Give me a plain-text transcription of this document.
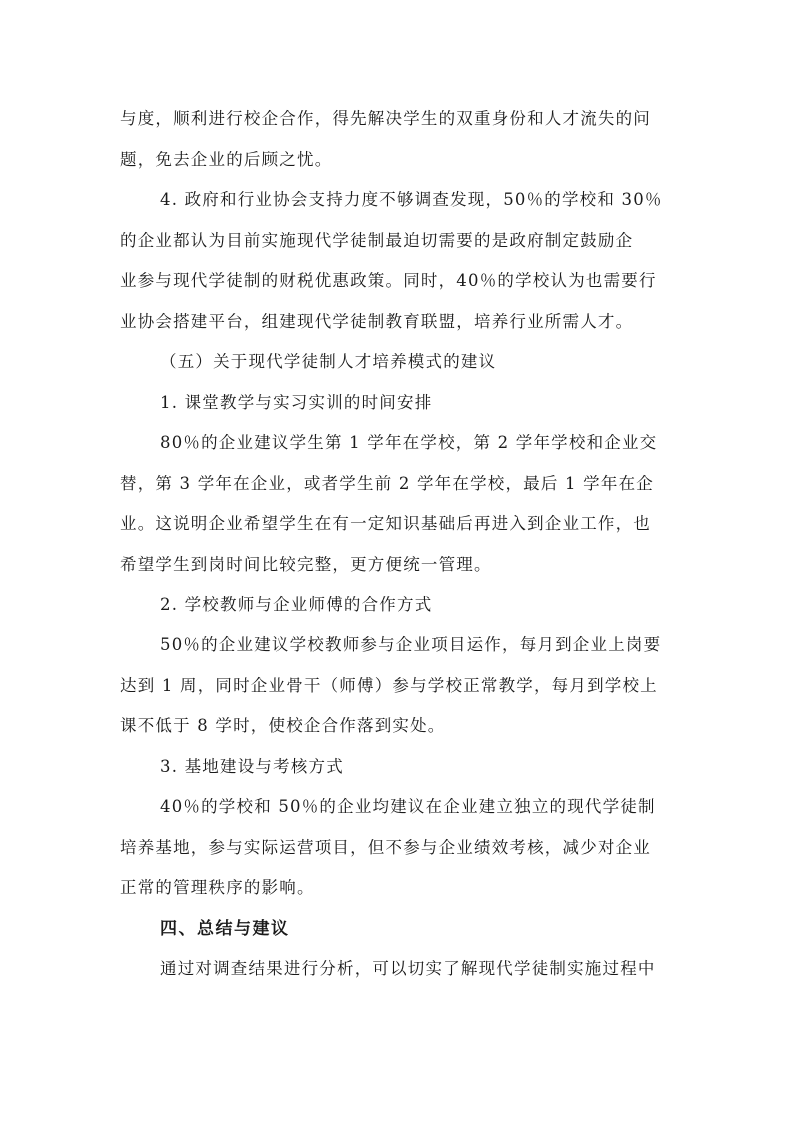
与度，顺利进行校企合作，得先解决学生的双重身份和人才流失的问
题，免去企业的后顾之忧。

4. 政府和行业协会支持力度不够调查发现，50％的学校和 30％
的企业都认为目前实施现代学徒制最迫切需要的是政府制定鼓励企
业参与现代学徒制的财税优惠政策。同时，40％的学校认为也需要行
业协会搭建平台，组建现代学徒制教育联盟，培养行业所需人才。

（五）关于现代学徒制人才培养模式的建议

1. 课堂教学与实习实训的时间安排

80％的企业建议学生第 1 学年在学校，第 2 学年学校和企业交
替，第 3 学年在企业，或者学生前 2 学年在学校，最后 1 学年在企
业。这说明企业希望学生在有一定知识基础后再进入到企业工作，也
希望学生到岗时间比较完整，更方便统一管理。

2. 学校教师与企业师傅的合作方式

50％的企业建议学校教师参与企业项目运作，每月到企业上岗要
达到 1 周，同时企业骨干（师傅）参与学校正常教学，每月到学校上
课不低于 8 学时，使校企合作落到实处。

3. 基地建设与考核方式

40％的学校和 50％的企业均建议在企业建立独立的现代学徒制
培养基地，参与实际运营项目，但不参与企业绩效考核，减少对企业
正常的管理秩序的影响。

四、总结与建议

通过对调查结果进行分析，可以切实了解现代学徒制实施过程中
